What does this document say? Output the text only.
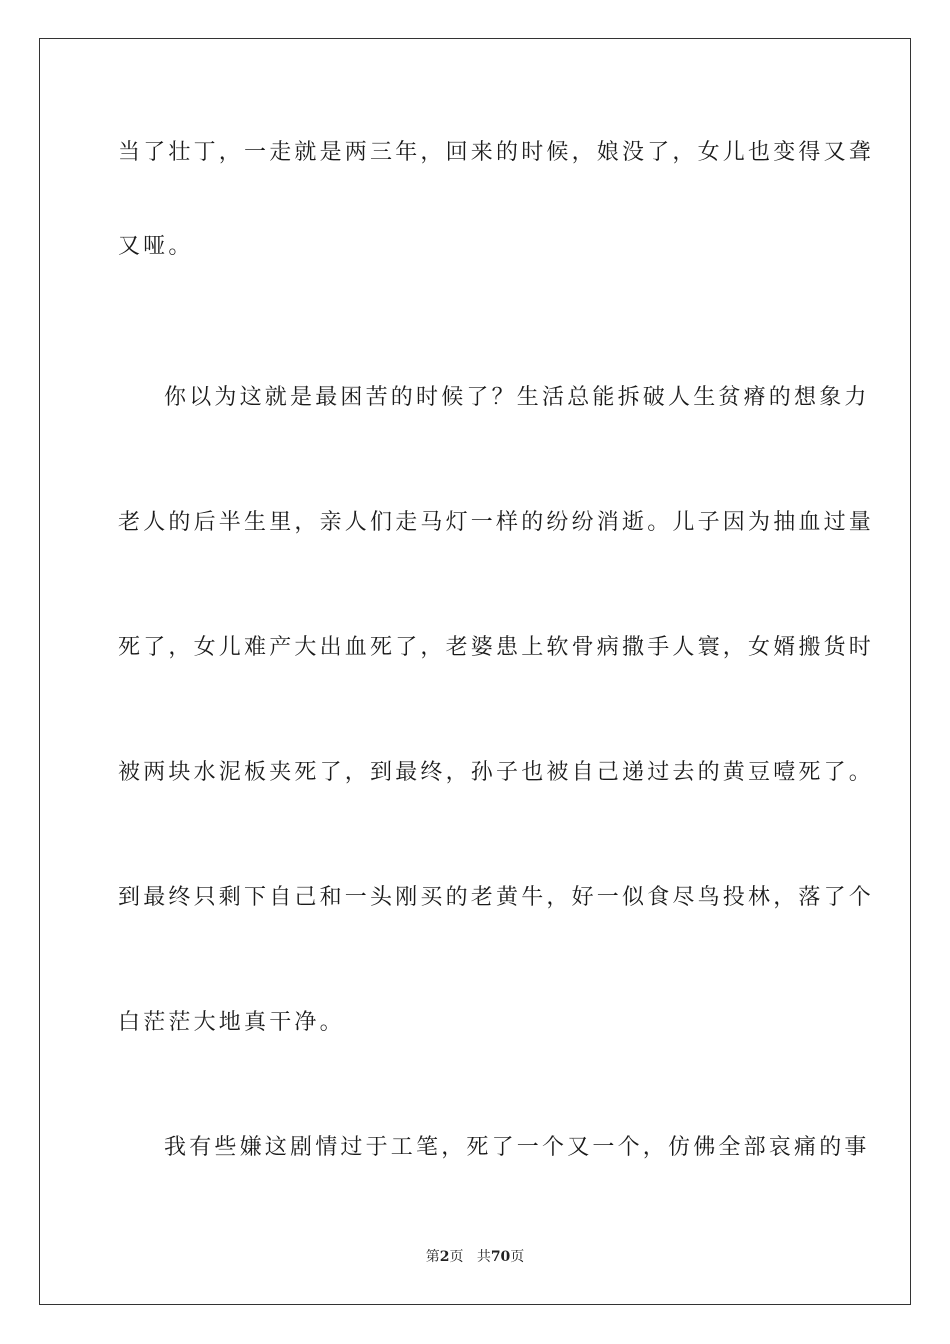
当了壮丁，一走就是两三年，回来的时候，娘没了，女儿也变得又聋
又哑。
你以为这就是最困苦的时候了？生活总能拆破人生贫瘠的想象力
老人的后半生里，亲人们走马灯一样的纷纷消逝。儿子因为抽血过量
死了，女儿难产大出血死了，老婆患上软骨病撒手人寰，女婿搬货时
被两块水泥板夹死了，到最终，孙子也被自己递过去的黄豆噎死了。
到最终只剩下自己和一头刚买的老黄牛，好一似食尽鸟投林，落了个
白茫茫大地真干净。
我有些嫌这剧情过于工笔，死了一个又一个，仿佛全部哀痛的事
第2页 共70页
